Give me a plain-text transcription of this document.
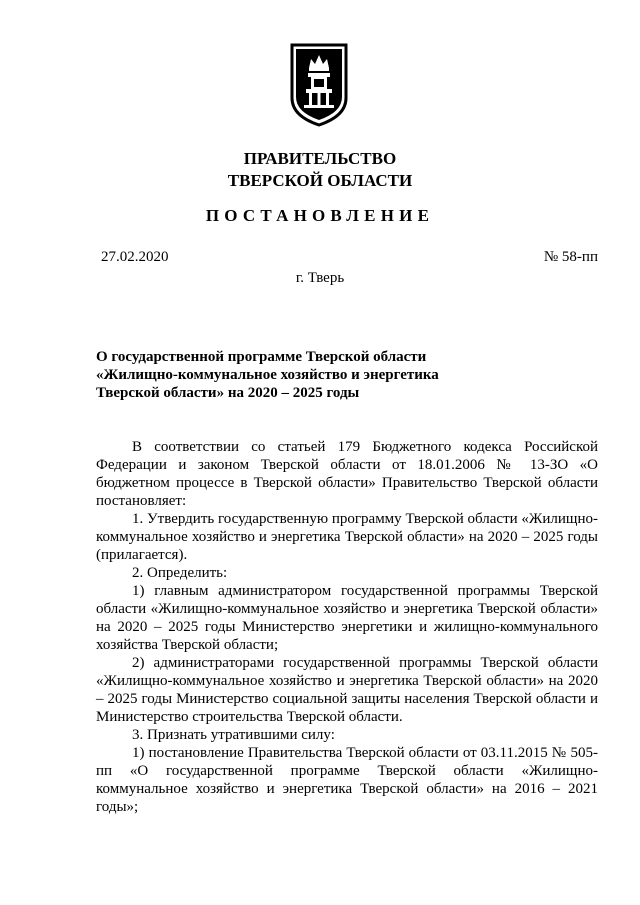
ПРАВИТЕЛЬСТВО
ТВЕРСКОЙ ОБЛАСТИ
ПОСТАНОВЛЕНИЕ
27.02.2020	№ 58-пп
г. Тверь
О государственной программе Тверской области
«Жилищно-коммунальное хозяйство и энергетика
Тверской области» на 2020 – 2025 годы

В соответствии со статьей 179 Бюджетного кодекса Российской Федерации и законом Тверской области от 18.01.2006 № 13-ЗО «О бюджетном процессе в Тверской области» Правительство Тверской области постановляет:

1. Утвердить государственную программу Тверской области «Жилищно-коммунальное хозяйство и энергетика Тверской области» на 2020 – 2025 годы (прилагается).

2. Определить:

1) главным администратором государственной программы Тверской области «Жилищно-коммунальное хозяйство и энергетика Тверской области» на 2020 – 2025 годы Министерство энергетики и жилищно-коммунального хозяйства Тверской области;

2) администраторами государственной программы Тверской области «Жилищно-коммунальное хозяйство и энергетика Тверской области» на 2020 – 2025 годы Министерство социальной защиты населения Тверской области и Министерство строительства Тверской области.

3. Признать утратившими силу:

1) постановление Правительства Тверской области от 03.11.2015 № 505-пп «О государственной программе Тверской области «Жилищно-коммунальное хозяйство и энергетика Тверской области» на 2016 – 2021 годы»;
